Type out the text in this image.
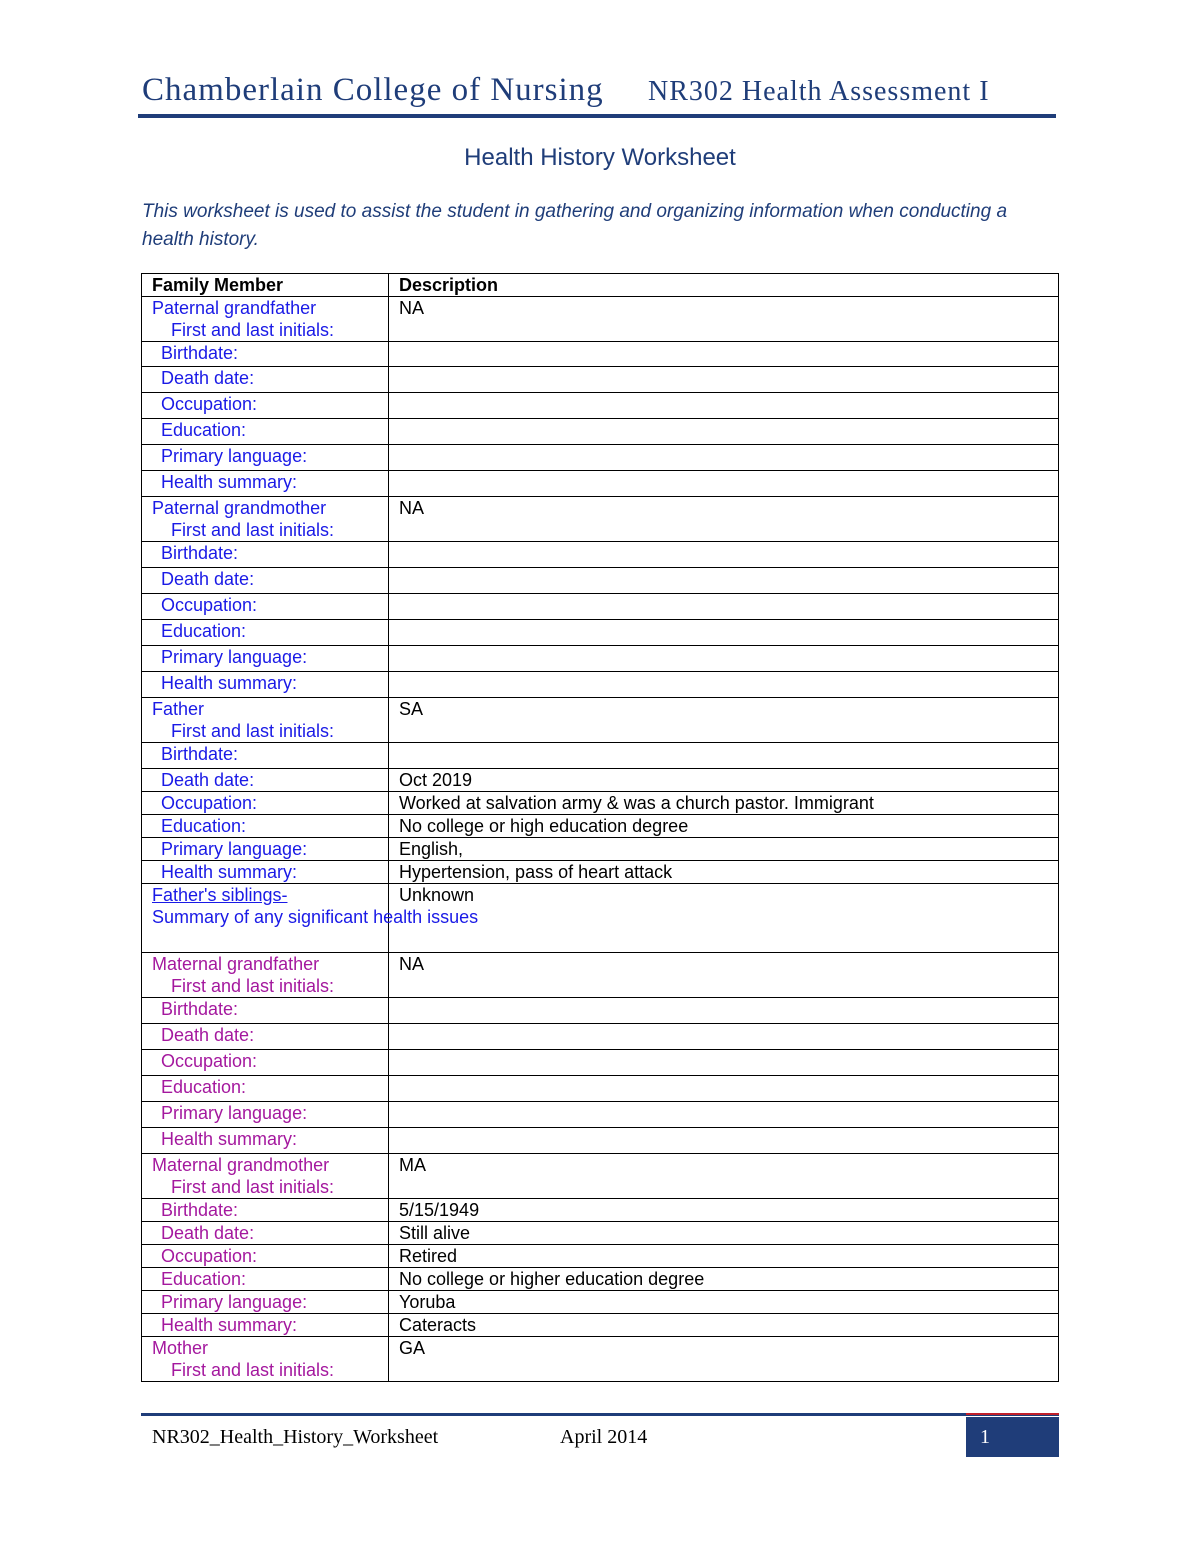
Chamberlain College of Nursing NR302 Health Assessment I
Health History Worksheet
This worksheet is used to assist the student in gathering and organizing information when conducting a health history.
Family Member	Description

Paternal grandfather
First and last initials:	NA
Birthdate:	
Death date:	
Occupation:	
Education:	
Primary language:	
Health summary:	

Paternal grandmother
First and last initials:	NA
Birthdate:	
Death date:	
Occupation:	
Education:	
Primary language:	
Health summary:	

Father
First and last initials:	SA
Birthdate:	
Death date:	Oct 2019
Occupation:	Worked at salvation army & was a church pastor. Immigrant
Education:	No college or high education degree
Primary language:	English,
Health summary:	Hypertension, pass of heart attack

Father's siblings-
Summary of any significant health issues	Unknown

Maternal grandfather
First and last initials:	NA
Birthdate:	
Death date:	
Occupation:	
Education:	
Primary language:	
Health summary:	

Maternal grandmother
First and last initials:	MA
Birthdate:	5/15/1949
Death date:	Still alive
Occupation:	Retired
Education:	No college or higher education degree
Primary language:	Yoruba
Health summary:	Cateracts

Mother
First and last initials:	GA
NR302_Health_History_Worksheet	April 2014	1
